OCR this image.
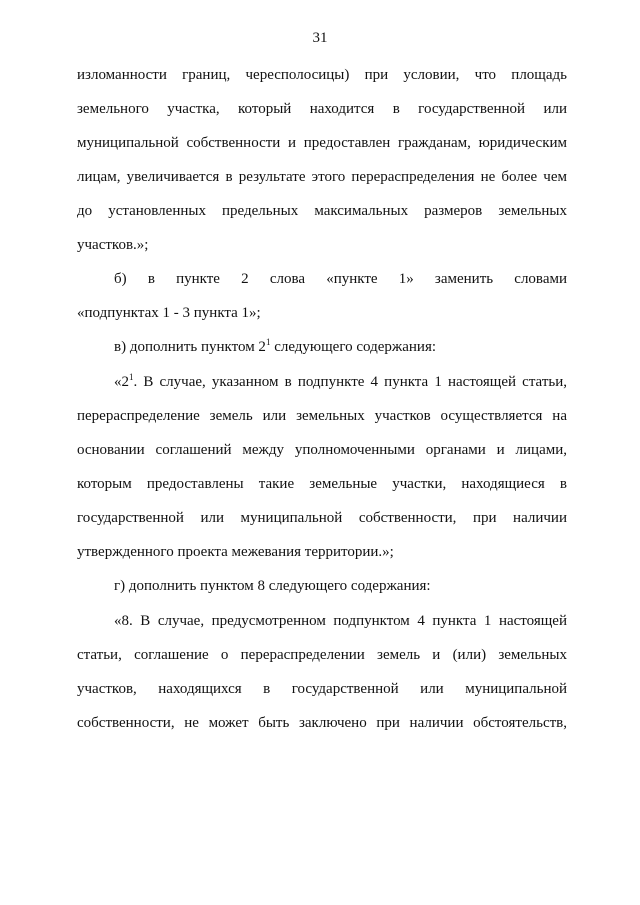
31
изломанности границ, чересполосицы) при условии, что площадь
земельного участка, который находится в государственной или
муниципальной собственности и предоставлен гражданам, юридическим
лицам, увеличивается в результате этого перераспределения не более чем
до установленных предельных максимальных размеров земельных
участков.»;
б) в пункте 2 слова «пункте 1» заменить словами
«подпунктах 1 - 3 пункта 1»;
в) дополнить пунктом $2^1$ следующего содержания:
«$2^1$. В случае, указанном в подпункте 4 пункта 1 настоящей статьи,
перераспределение земель или земельных участков осуществляется на
основании соглашений между уполномоченными органами и лицами,
которым предоставлены такие земельные участки, находящиеся в
государственной или муниципальной собственности, при наличии
утвержденного проекта межевания территории.»;
г) дополнить пунктом 8 следующего содержания:
«8. В случае, предусмотренном подпунктом 4 пункта 1 настоящей
статьи, соглашение о перераспределении земель и (или) земельных
участков, находящихся в государственной или муниципальной
собственности, не может быть заключено при наличии обстоятельств,
